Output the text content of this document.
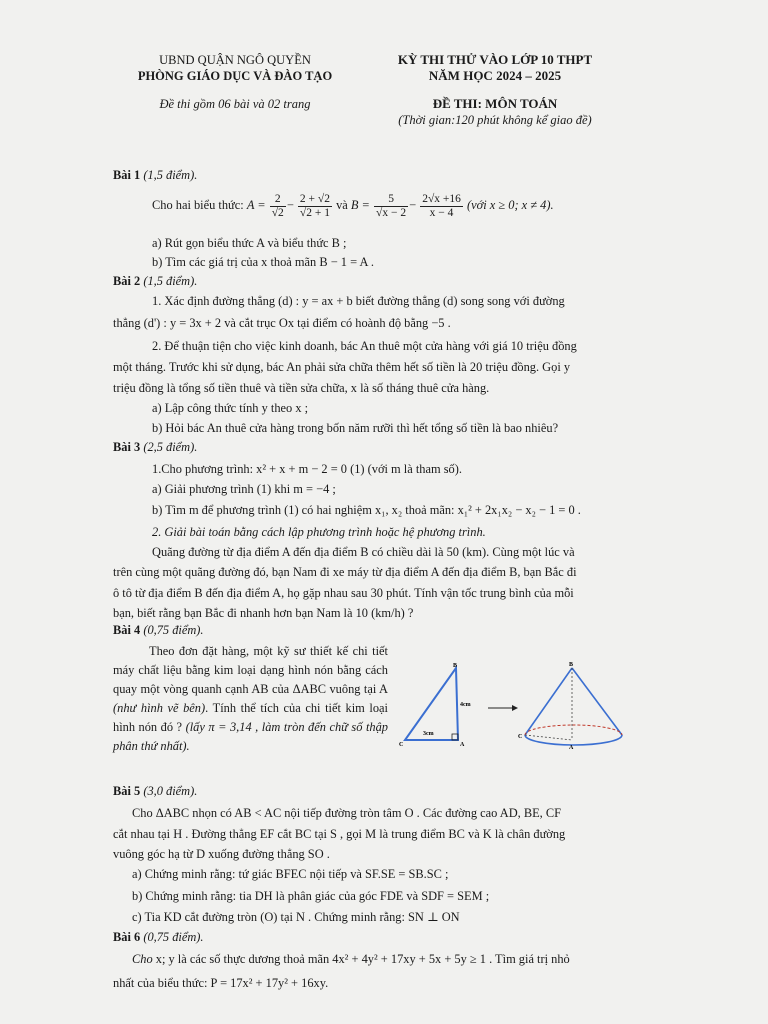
UBND QUẬN NGÔ QUYỀN
PHÒNG GIÁO DỤC VÀ ĐÀO TẠO
Đề thi gồm 06 bài và 02 trang
KỲ THI THỬ VÀO LỚP 10 THPT
NĂM HỌC 2024 – 2025
ĐỀ THI: MÔN TOÁN
(Thời gian:120 phút không kể giao đề)
Bài 1 (1,5 điểm).
Cho hai biểu thức: $A = \frac{2}{√2} - \frac{2 + √2}{√2 + 1}$ và $B = \frac{5}{√x - 2} - \frac{2√x +16}{x - 4}$ (với x ≥ 0; x ≠ 4).
a) Rút gọn biểu thức A và biểu thức B ;
b) Tìm các giá trị của x thoả mãn B − 1 = A .
Bài 2 (1,5 điểm).
1. Xác định đường thẳng (d) : y = ax + b biết đường thẳng (d) song song với đường
thẳng (d') : y = 3x + 2 và cắt trục Ox tại điểm có hoành độ bằng −5 .
2. Để thuận tiện cho việc kinh doanh, bác An thuê một cửa hàng với giá 10 triệu đồng
một tháng. Trước khi sử dụng, bác An phải sửa chữa thêm hết số tiền là 20 triệu đồng. Gọi y
triệu đồng là tổng số tiền thuê và tiền sửa chữa, x là số tháng thuê cửa hàng.
a) Lập công thức tính y theo x ;
b) Hỏi bác An thuê cửa hàng trong bốn năm rưỡi thì hết tổng số tiền là bao nhiêu?
Bài 3 (2,5 điểm).
1.Cho phương trình: x² + x + m − 2 = 0 (1) (với m là tham số).
a) Giải phương trình (1) khi m = −4 ;
b) Tìm m để phương trình (1) có hai nghiệm x₁, x₂ thoả mãn: x₁² + 2x₁x₂ − x₂ − 1 = 0 .
2. Giải bài toán bằng cách lập phương trình hoặc hệ phương trình.
Quãng đường từ địa điểm A đến địa điểm B có chiều dài là 50 (km). Cùng một lúc và
trên cùng một quãng đường đó, bạn Nam đi xe máy từ địa điểm A đến địa điểm B, bạn Bắc đi
ô tô từ địa điểm B đến địa điểm A, họ gặp nhau sau 30 phút. Tính vận tốc trung bình của mỗi
bạn, biết rằng bạn Bắc đi nhanh hơn bạn Nam là 10 (km/h) ?
Bài 4 (0,75 điểm).
Theo đơn đặt hàng, một kỹ sư thiết kế chi tiết máy chất liệu bằng kim loại dạng hình nón bằng cách quay một vòng quanh cạnh AB của ΔABC vuông tại A (như hình vẽ bên). Tính thể tích của chi tiết kim loại hình nón đó ? (lấy π = 3,14 , làm tròn đến chữ số thập phân thứ nhất).
B
A
C
4cm
3cm
B
A
C
Bài 5 (3,0 điểm).
Cho ΔABC nhọn có AB < AC nội tiếp đường tròn tâm O . Các đường cao AD, BE, CF
cắt nhau tại H . Đường thẳng EF cắt BC tại S , gọi M là trung điểm BC và K là chân đường
vuông góc hạ từ D xuống đường thẳng SO .
a) Chứng minh rằng: tứ giác BFEC nội tiếp và SF.SE = SB.SC ;
b) Chứng minh rằng: tia DH là phân giác của góc FDE và SDF = SEM ;
c) Tia KD cắt đường tròn (O) tại N . Chứng minh rằng: SN ⊥ ON
Bài 6 (0,75 điểm).
Cho x; y là các số thực dương thoả mãn 4x² + 4y² + 17xy + 5x + 5y ≥ 1 . Tìm giá trị nhỏ
nhất của biểu thức: P = 17x² + 17y² + 16xy.
